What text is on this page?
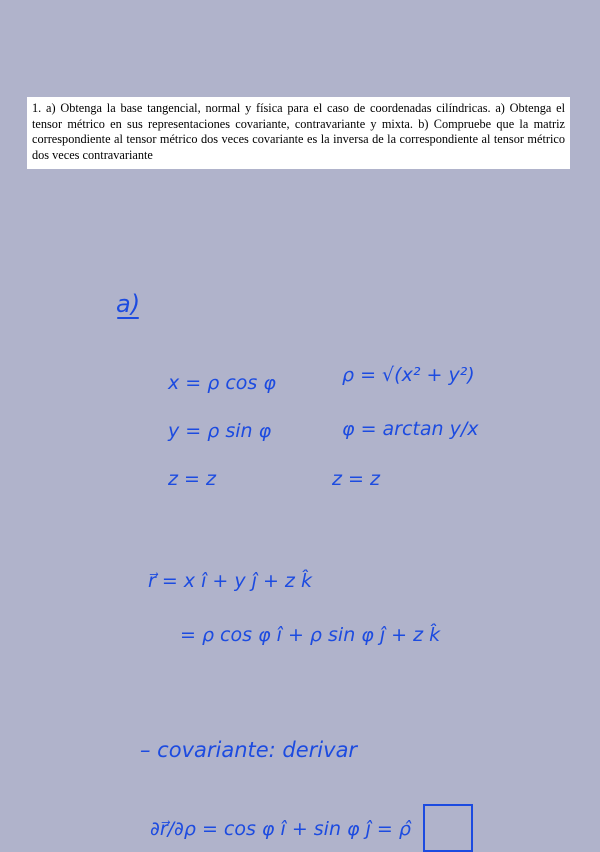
1. a) Obtenga la base tangencial, normal y física para el caso de coordenadas cilíndricas. a) Obtenga el tensor métrico en sus representaciones covariante, contravariante y mixta. b) Compruebe que la matriz correspondiente al tensor métrico dos veces covariante es la inversa de la correspondiente al tensor métrico dos veces contravariante
a)
x = ρ cos φ
y = ρ sin φ
z = z
ρ = √(x² + y²)
φ = arctan y/x
z = z
r⃗ = x î + y ĵ + z k̂
= ρ cos φ î + ρ sin φ ĵ + z k̂
– covariante: derivar
∂r⃗/∂ρ = cos φ î + sin φ ĵ = ρ̂
